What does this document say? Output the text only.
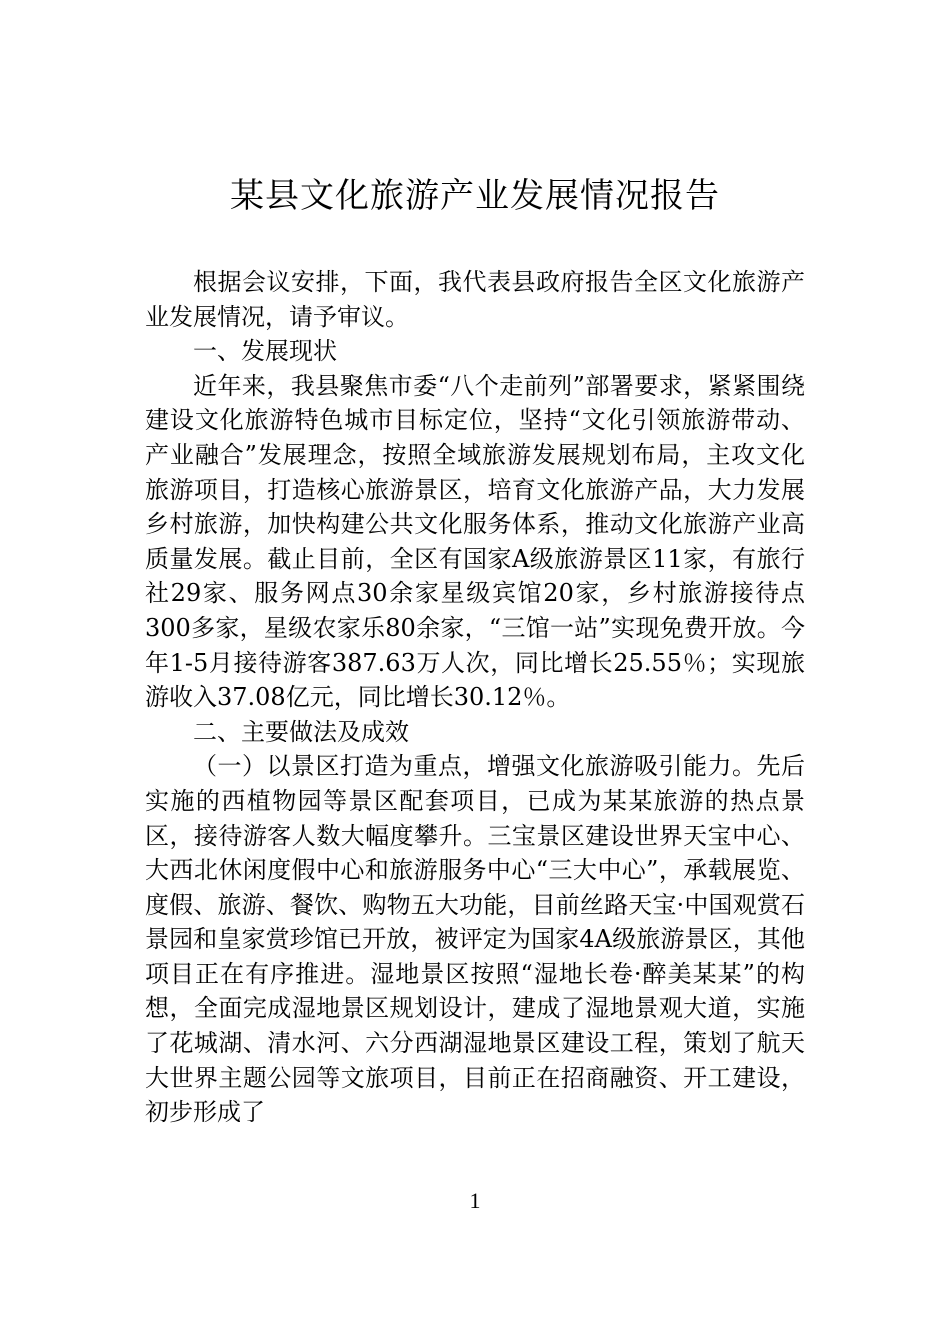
某县文化旅游产业发展情况报告

根据会议安排，下面，我代表县政府报告全区文化旅游产业发展情况，请予审议。

一、发展现状

近年来，我县聚焦市委“八个走前列”部署要求，紧紧围绕建设文化旅游特色城市目标定位，坚持“文化引领旅游带动、产业融合”发展理念，按照全域旅游发展规划布局，主攻文化旅游项目，打造核心旅游景区，培育文化旅游产品，大力发展乡村旅游，加快构建公共文化服务体系，推动文化旅游产业高质量发展。截止目前，全区有国家A级旅游景区11家，有旅行社29家、服务网点30余家星级宾馆20家，乡村旅游接待点300多家，星级农家乐80余家，“三馆一站”实现免费开放。今年1-5月接待游客387.63万人次，同比增长25.55％；实现旅游收入37.08亿元，同比增长30.12％。

二、主要做法及成效

（一）以景区打造为重点，增强文化旅游吸引能力。先后实施的西植物园等景区配套项目，已成为某某旅游的热点景区，接待游客人数大幅度攀升。三宝景区建设世界天宝中心、大西北休闲度假中心和旅游服务中心“三大中心”，承载展览、度假、旅游、餐饮、购物五大功能，目前丝路天宝·中国观赏石景园和皇家赏珍馆已开放，被评定为国家4A级旅游景区，其他项目正在有序推进。湿地景区按照“湿地长卷·醉美某某”的构想，全面完成湿地景区规划设计，建成了湿地景观大道，实施了花城湖、清水河、六分西湖湿地景区建设工程，策划了航天大世界主题公园等文旅项目，目前正在招商融资、开工建设，初步形成了

1
